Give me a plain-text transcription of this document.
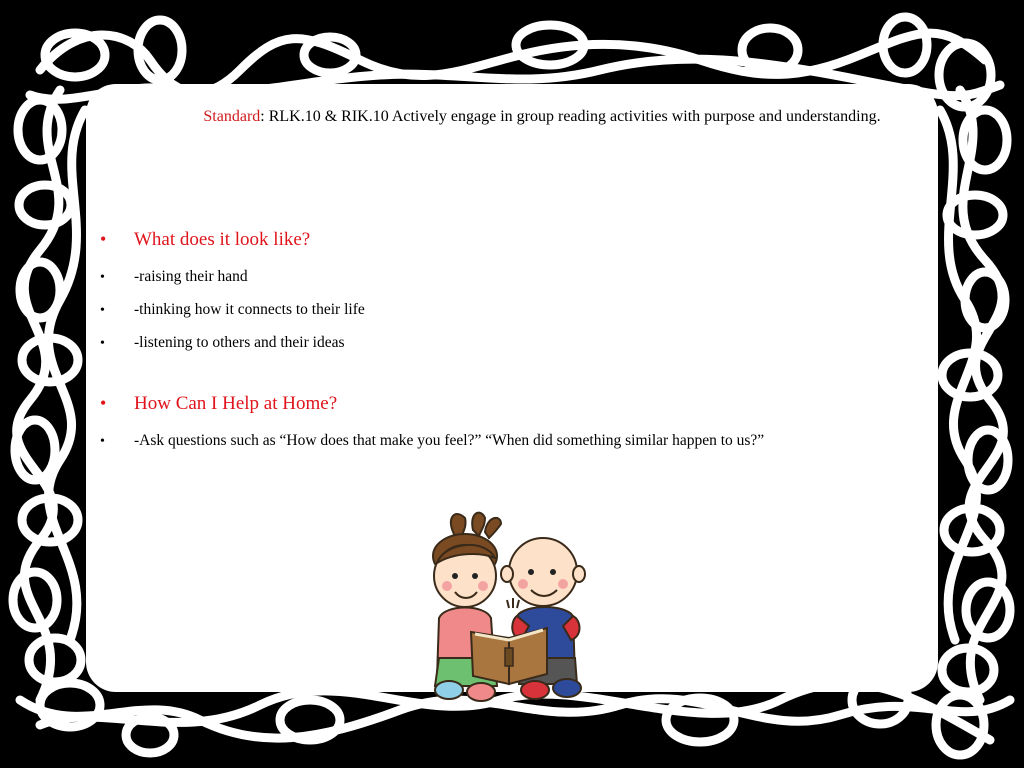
Standard: RLK.10 & RIK.10 Actively engage in group reading activities with purpose and understanding.
•	What does it look like?
•	-raising their hand
•	-thinking how it connects to their life
•	-listening to others and their ideas
•	How Can I Help at Home?
•	-Ask questions such as “How does that make you feel?” “When did something similar happen to us?”
